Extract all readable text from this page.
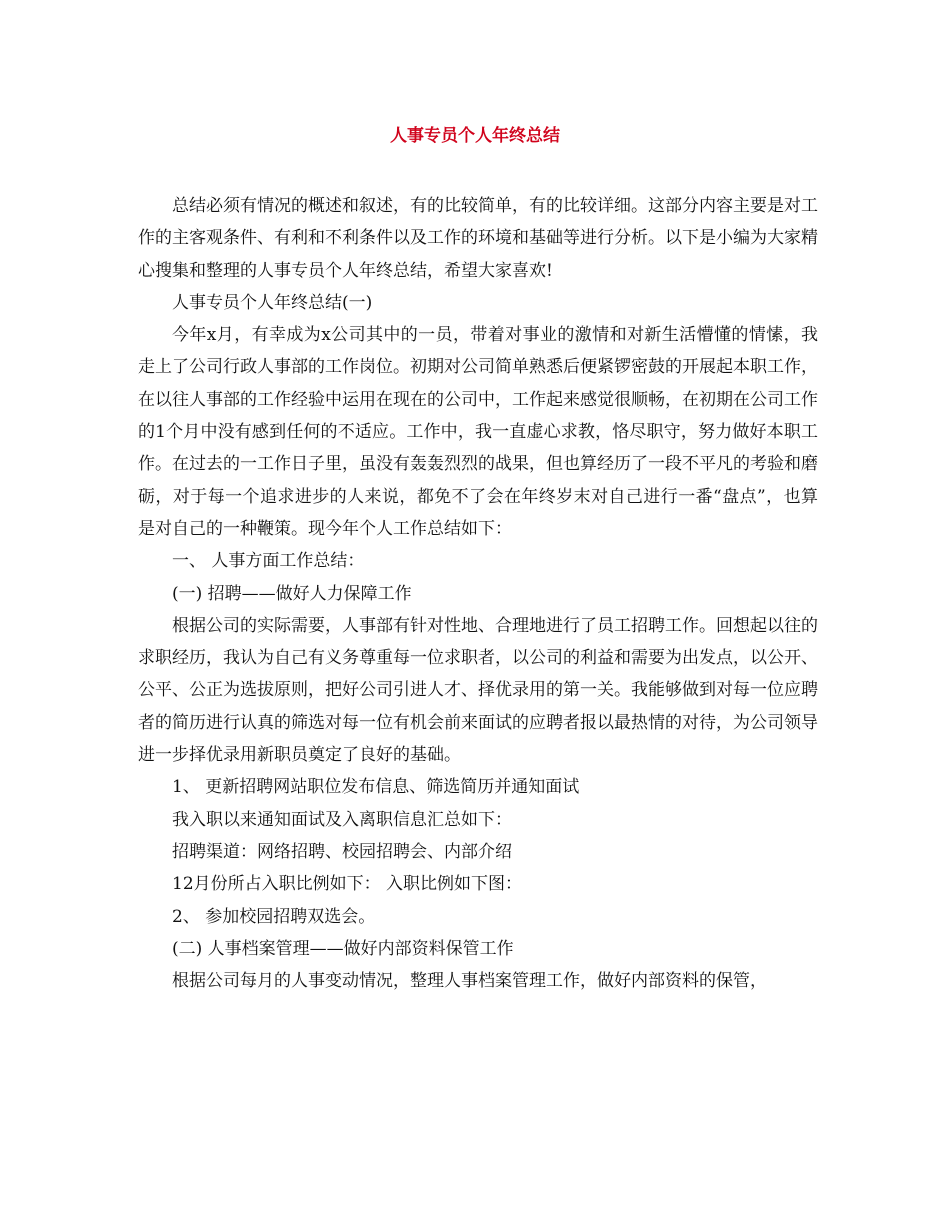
人事专员个人年终总结

总结必须有情况的概述和叙述，有的比较简单，有的比较详细。这部分内容主要是对工作的主客观条件、有利和不利条件以及工作的环境和基础等进行分析。以下是小编为大家精心搜集和整理的人事专员个人年终总结，希望大家喜欢!

人事专员个人年终总结(一)

今年x月，有幸成为x公司其中的一员，带着对事业的激情和对新生活懵懂的情愫，我走上了公司行政人事部的工作岗位。初期对公司简单熟悉后便紧锣密鼓的开展起本职工作，在以往人事部的工作经验中运用在现在的公司中，工作起来感觉很顺畅，在初期在公司工作的1个月中没有感到任何的不适应。工作中，我一直虚心求教，恪尽职守，努力做好本职工作。在过去的一工作日子里，虽没有轰轰烈烈的战果，但也算经历了一段不平凡的考验和磨砺，对于每一个追求进步的人来说，都免不了会在年终岁末对自己进行一番“盘点”，也算是对自己的一种鞭策。现今年个人工作总结如下：

一、 人事方面工作总结：

(一) 招聘——做好人力保障工作

根据公司的实际需要，人事部有针对性地、合理地进行了员工招聘工作。回想起以往的求职经历，我认为自己有义务尊重每一位求职者，以公司的利益和需要为出发点，以公开、公平、公正为选拔原则，把好公司引进人才、择优录用的第一关。我能够做到对每一位应聘者的简历进行认真的筛选对每一位有机会前来面试的应聘者报以最热情的对待，为公司领导进一步择优录用新职员奠定了良好的基础。

1、 更新招聘网站职位发布信息、筛选简历并通知面试

我入职以来通知面试及入离职信息汇总如下：

招聘渠道：网络招聘、校园招聘会、内部介绍

12月份所占入职比例如下： 入职比例如下图：

2、 参加校园招聘双选会。

(二) 人事档案管理——做好内部资料保管工作

根据公司每月的人事变动情况，整理人事档案管理工作，做好内部资料的保管，
